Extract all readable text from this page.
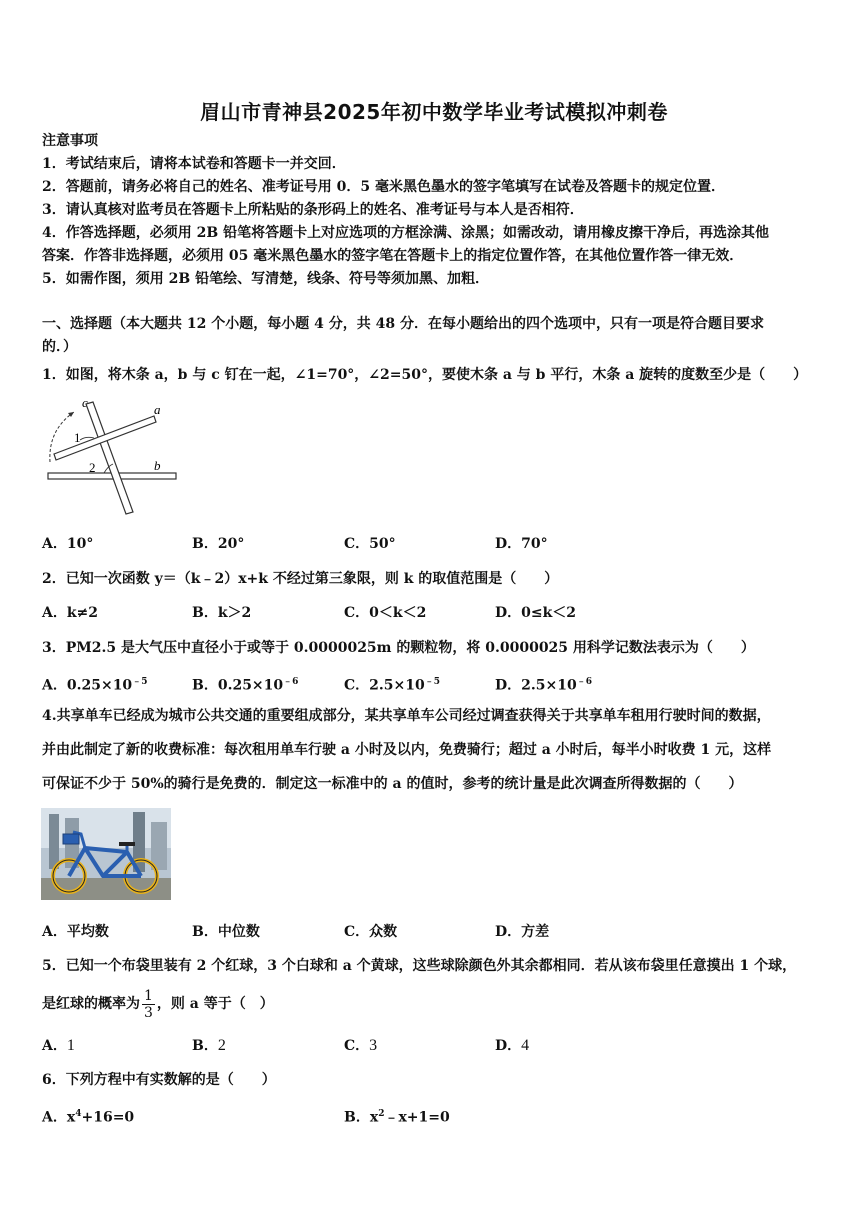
眉山市青神县2025年初中数学毕业考试模拟冲刺卷
注意事项
1．考试结束后，请将本试卷和答题卡一并交回．
2．答题前，请务必将自己的姓名、准考证号用 0．5 毫米黑色墨水的签字笔填写在试卷及答题卡的规定位置．
3．请认真核对监考员在答题卡上所粘贴的条形码上的姓名、准考证号与本人是否相符．
4．作答选择题，必须用 2B 铅笔将答题卡上对应选项的方框涂满、涂黑；如需改动，请用橡皮擦干净后，再选涂其他
答案．作答非选择题，必须用 05 毫米黑色墨水的签字笔在答题卡上的指定位置作答，在其他位置作答一律无效．
5．如需作图，须用 2B 铅笔绘、写清楚，线条、符号等须加黑、加粗．
一、选择题（本大题共 12 个小题，每小题 4 分，共 48 分．在每小题给出的四个选项中，只有一项是符合题目要求
的．）
1．如图，将木条 a，b 与 c 钉在一起，∠1=70°，∠2=50°，要使木条 a 与 b 平行，木条 a 旋转的度数至少是（　　）
c	a
b
1
2
A．10°	B．20°	C．50°	D．70°
2．已知一次函数 y＝（k﹣2）x+k 不经过第三象限，则 k 的取值范围是（　　）
A．k≠2	B．k＞2	C．0＜k＜2	D．0≤k＜2
3．PM2.5 是大气压中直径小于或等于 0.0000025m 的颗粒物，将 0.0000025 用科学记数法表示为（　　）
A．$0.25\times 10^{﹣5}$	B．$0.25\times 10^{﹣6}$	C．$2.5\times 10^{﹣5}$	D．$2.5\times 10^{﹣6}$
4.共享单车已经成为城市公共交通的重要组成部分，某共享单车公司经过调查获得关于共享单车租用行驶时间的数据，
并由此制定了新的收费标准：每次租用单车行驶 a 小时及以内，免费骑行；超过 a 小时后，每半小时收费 1 元，这样
可保证不少于 50%的骑行是免费的．制定这一标准中的 a 的值时，参考的统计量是此次调查所得数据的（　　）
A．平均数	B．中位数	C．众数	D．方差
5．已知一个布袋里装有 2 个红球，3 个白球和 a 个黄球，这些球除颜色外其余都相同．若从该布袋里任意摸出 1 个球，
是红球的概率为 $\frac{1}{3}$ ，则 a 等于（　）
A．1	B．2	C．3	D．4
6．下列方程中有实数解的是（　　）
A．$x^4+16=0$	B．$x^2﹣x+1=0$
